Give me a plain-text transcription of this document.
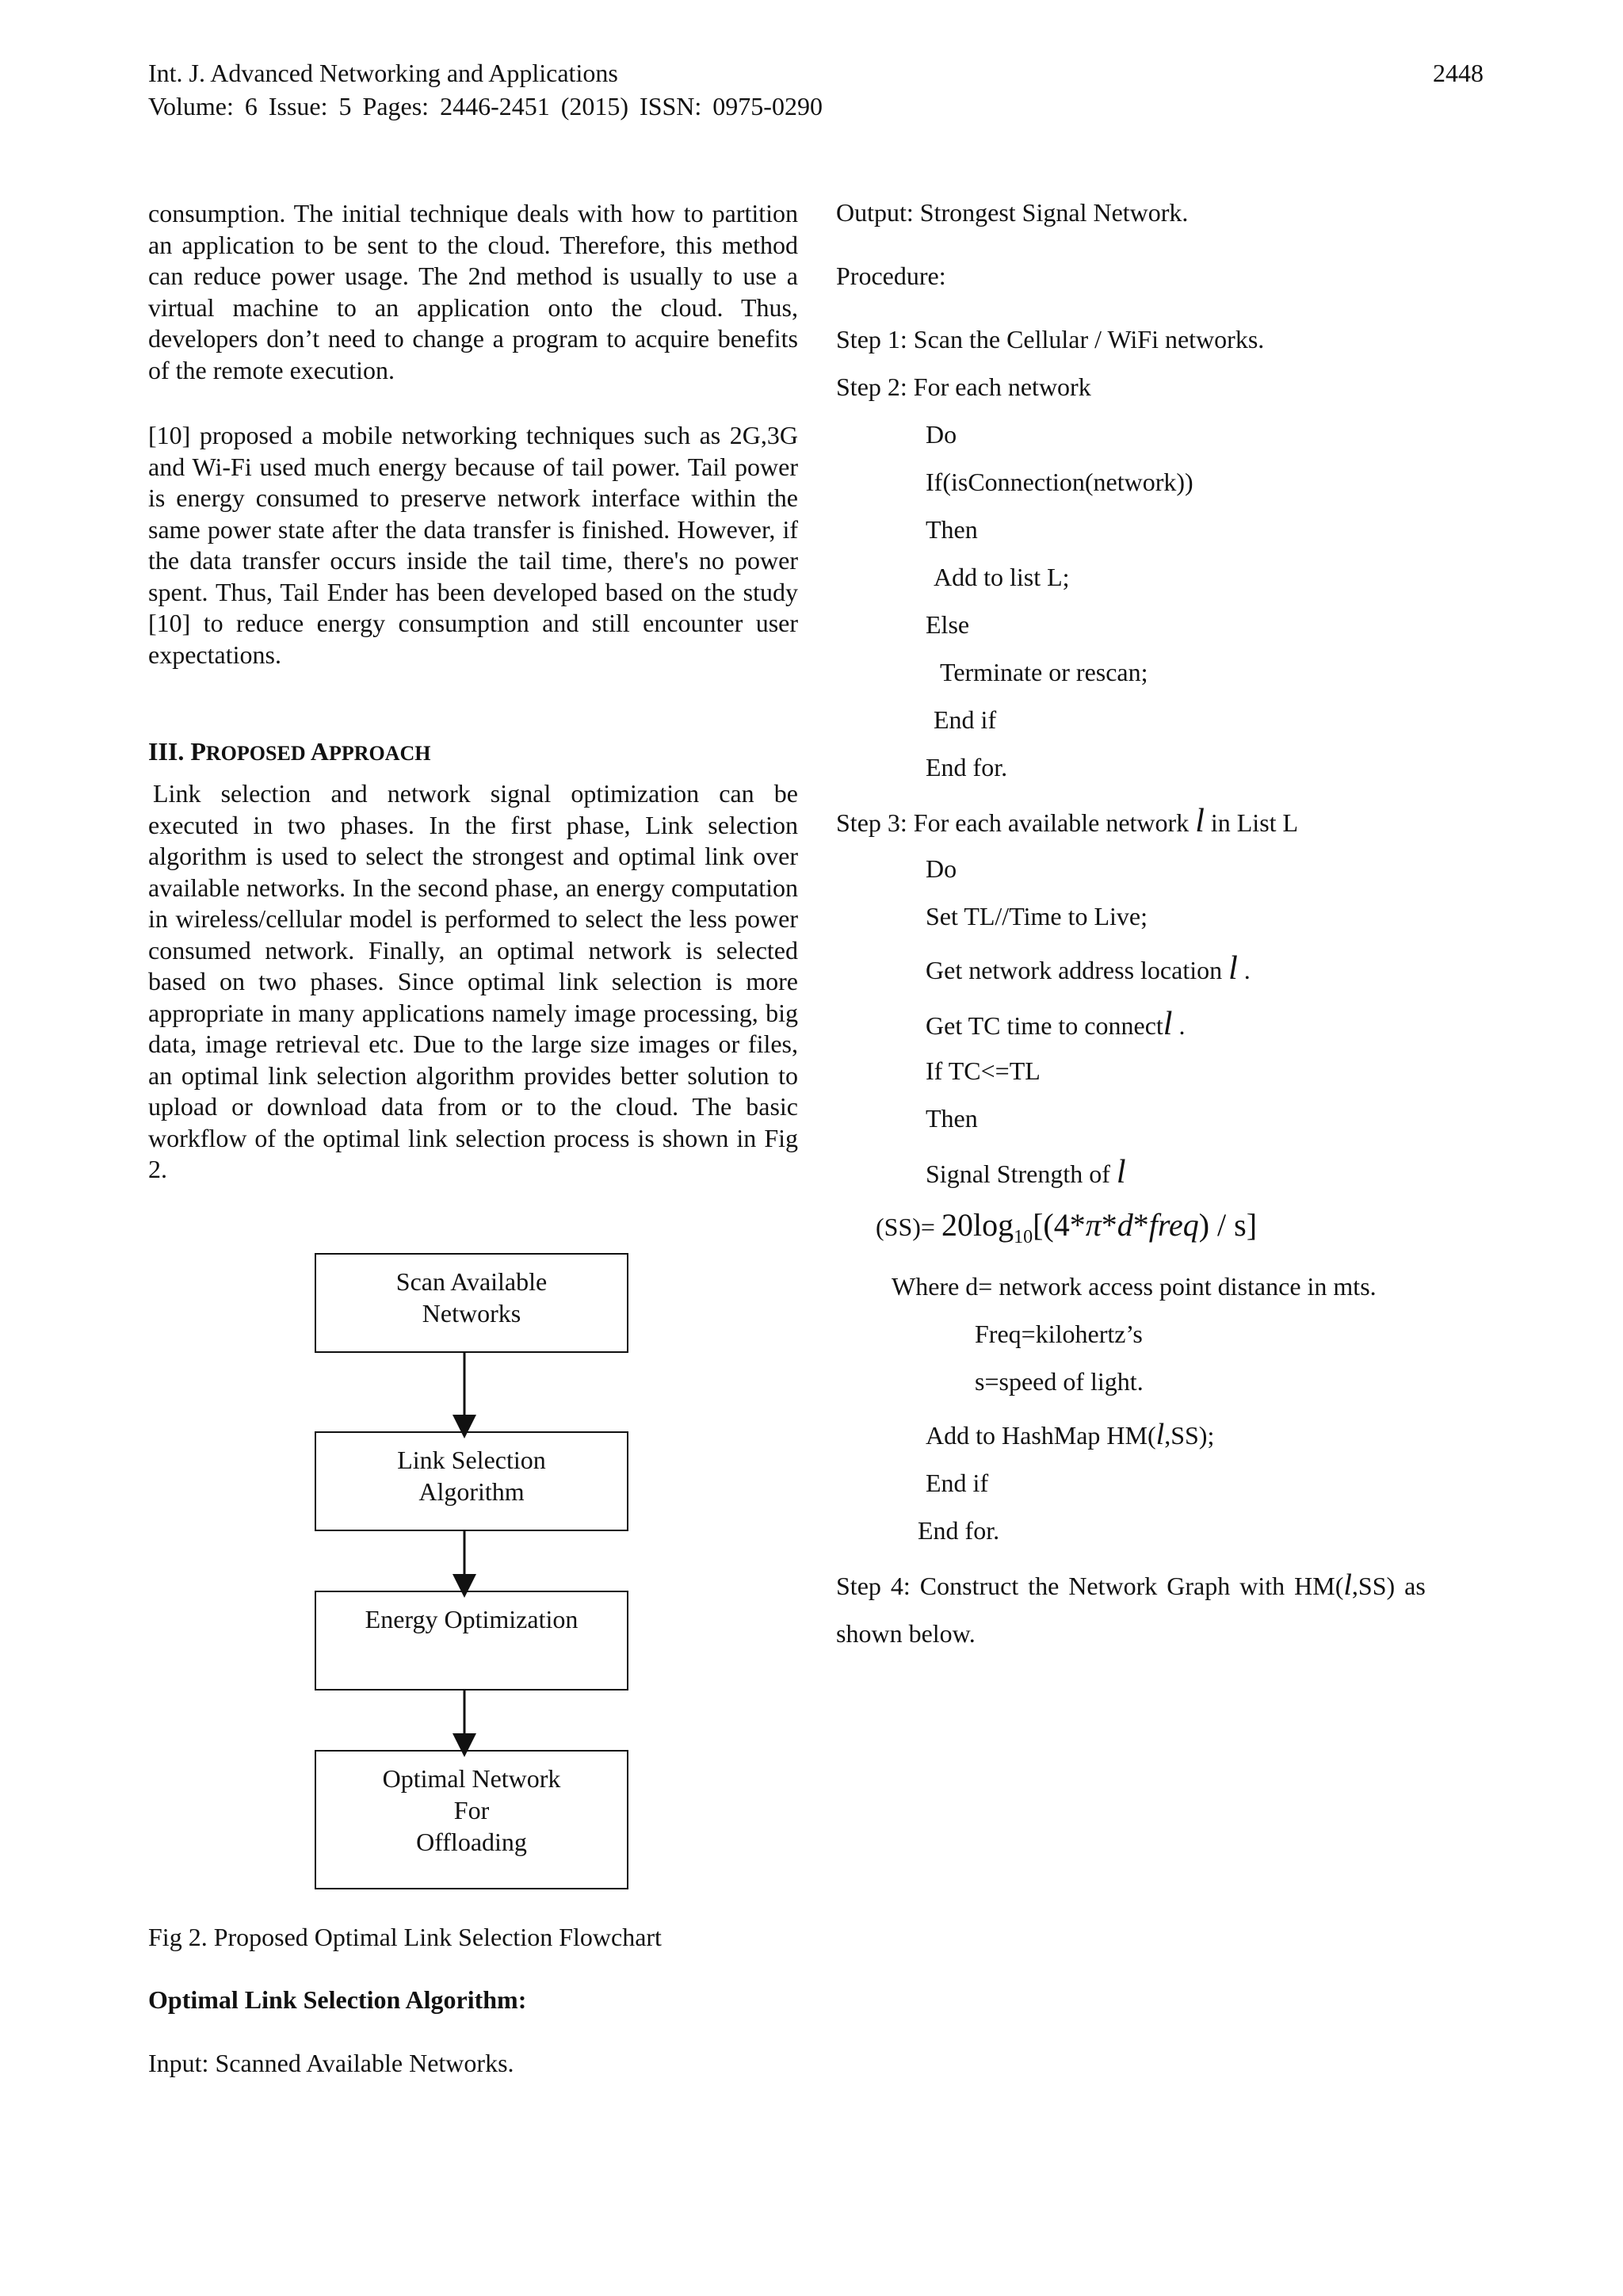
Int. J. Advanced Networking and Applications
Volume: 6 Issue: 5 Pages: 2446-2451 (2015) ISSN: 0975-0290
2448

consumption. The initial technique deals with how to partition an application to be sent to the cloud. Therefore, this method can reduce power usage. The 2nd method is usually to use a virtual machine to an application onto the cloud. Thus, developers don’t need to change a program to acquire benefits of the remote execution.

[10] proposed a mobile networking techniques such as 2G,3G and Wi-Fi used much energy because of tail power. Tail power is energy consumed to preserve network interface within the same power state after the data transfer is finished. However, if the data transfer occurs inside the tail time, there's no power spent. Thus, Tail Ender has been developed based on the study [10] to reduce energy consumption and still encounter user expectations.

III. PROPOSED APPROACH

Link selection and network signal optimization can be executed in two phases. In the first phase, Link selection algorithm is used to select the strongest and optimal link over available networks. In the second phase, an energy computation in wireless/cellular model is performed to select the less power consumed network. Finally, an optimal network is selected based on two phases. Since optimal link selection is more appropriate in many applications namely image processing, big data, image retrieval etc. Due to the large size images or files, an optimal link selection algorithm provides better solution to upload or download data from or to the cloud. The basic workflow of the optimal link selection process is shown in Fig 2.

Scan Available
Networks
Link Selection
Algorithm
Energy Optimization
Optimal Network
For
Offloading
Fig 2. Proposed Optimal Link Selection Flowchart
Optimal Link Selection Algorithm:
Input: Scanned Available Networks.
Output: Strongest Signal Network.
Procedure:
Step 1: Scan the Cellular / WiFi networks.
Step 2: For each network
Do
If(isConnection(network))
Then
Add to list L;
Else
Terminate or rescan;
End if
End for.
Step 3: For each available network l in List L
Do
Set TL//Time to Live;
Get network address location l .
Get TC time to connectl .
If TC<=TL
Then
Signal Strength of l
$(SS)= 20\log_{10}[(4*\pi*d*freq) / s]$
Where d= network access point distance in mts.
Freq=kilohertz’s
s=speed of light.
Add to HashMap HM(l,SS);
End if
End for.
Step 4: Construct the Network Graph with HM(l,SS) as
shown below.
